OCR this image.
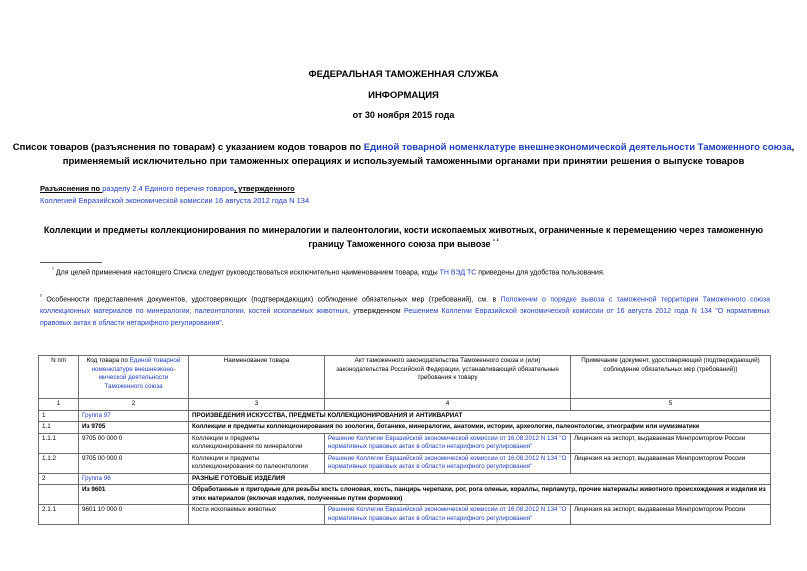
ФЕДЕРАЛЬНАЯ ТАМОЖЕННАЯ СЛУЖБА
ИНФОРМАЦИЯ
от 30 ноября 2015 года
Список товаров (разъяснения по товарам) с указанием кодов товаров по Единой товарной номенклатуре внешнеэкономической деятельности Таможенного союза,
применяемый исключительно при таможенных операциях и используемый таможенными органами при принятии решения о выпуске товаров
Разъяснения по разделу 2.4 Единого перечня товаров, утвержденного
Коллегией Евразийской экономической комиссии 16 августа 2012 года N 134
Коллекции и предметы коллекционирования по минералогии и палеонтологии, кости ископаемых животных, ограниченные к перемещению через таможенную границу Таможенного союза при вывозе $^{^1 ^2}$
$^{^1}$ Для целей применения настоящего Списка следует руководствоваться исключительно наименованием товара, коды ТН ВЭД ТС приведены для удобства пользования.
$^{^2}$ Особенности представления документов, удостоверяющих (подтверждающих) соблюдение обязательных мер (требований), см. в Положении о порядке вывоза с таможенной территории Таможенного союза коллекционных материалов по минералогии, палеонтологии, костей ископаемых животных, утвержденном Решением Коллегии Евразийской экономической комиссии от 16 августа 2012 года N 134 "О нормативных правовых актах в области нетарифного регулирования".
N п/п	Код товара по Единой товарной номенклатуре внешнеэконо-мической деятельности Таможенного союза	Наименование товара	Акт таможенного законодательства Таможенного союза и (или) законодательства Российской Федерации, устанавливающий обязательные требования к товару	Примечание (документ, удостоверяющий (подтверждающий) соблюдение обязательных мер (требований))
1	2	3	4	5
1	Группа 97	ПРОИЗВЕДЕНИЯ ИСКУССТВА, ПРЕДМЕТЫ КОЛЛЕКЦИОНИРОВАНИЯ И АНТИКВАРИАТ		
1.1	Из 9705	Коллекции и предметы коллекционирования по зоологии, ботанике, минералогии, анатомии, истории, археологии, палеонтологии, этнографии или нумизматике		
1.1.1	9705 00 000 0	Коллекции и предметы коллекционирования по минералогии	Решение Коллегии Евразийской экономической комиссии от 16.08.2012 N 134 "О нормативных правовых актах в области нетарифного регулирования"	Лицензия на экспорт, выдаваемая Минпромторгом России
1.1.2	9705 00 000 0	Коллекции и предметы коллекционирования по палеонтологии	Решение Коллегии Евразийской экономической комиссии от 16.08.2012 N 134 "О нормативных правовых актах в области нетарифного регулирования"	Лицензия на экспорт, выдаваемая Минпромторгом России
2	Группа 96	РАЗНЫЕ ГОТОВЫЕ ИЗДЕЛИЯ		
	Из 9601	Обработанные и пригодные для резьбы кость слоновая, кость, панцирь черепахи, рог, рога оленьи, кораллы, перламутр, прочие материалы животного происхождения и изделия из этих материалов (включая изделия, полученные путем формовки)		
2.1.1	9601 10 000 0	Кости ископаемых животных	Решение Коллегии Евразийской экономической комиссии от 16.08.2012 N 134 "О нормативных правовых актах в области нетарифного регулирования"	Лицензия на экспорт, выдаваемая Минпромторгом России
